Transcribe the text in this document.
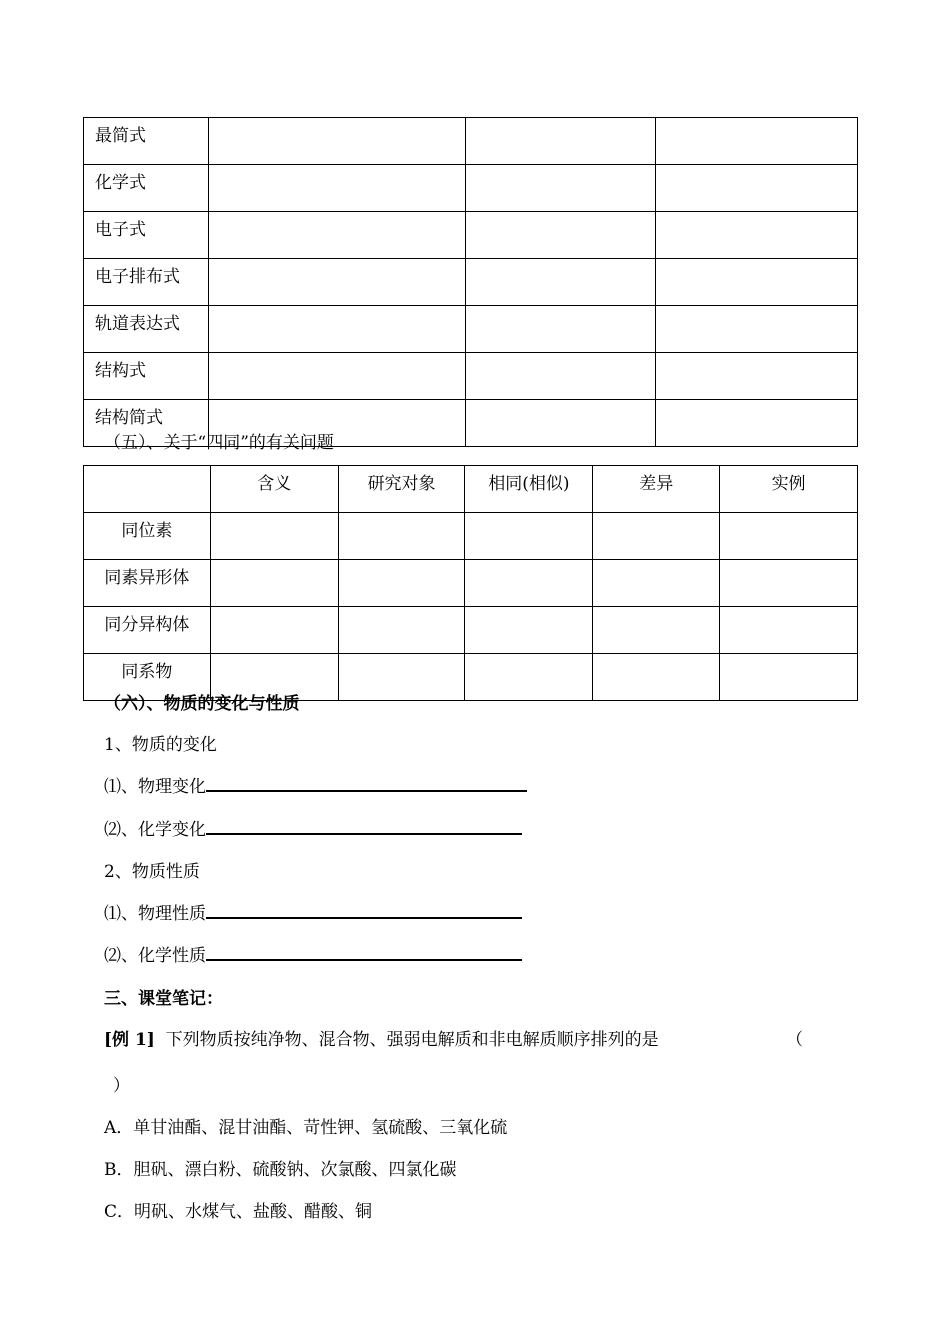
最简式			
化学式			
电子式			
电子排布式			
轨道表达式			
结构式			
结构简式			
（五）、关于“四同”的有关问题
	含义	研究对象	相同(相似)	差异	实例
同位素					
同素异形体					
同分异构体					
同系物					
（六）、物质的变化与性质
1、物质的变化
⑴、物理变化
⑵、化学变化
2、物质性质
⑴、物理性质
⑵、化学性质
三、课堂笔记：
[例 1] 下列物质按纯净物、混合物、强弱电解质和非电解质顺序排列的是	（
）
A．单甘油酯、混甘油酯、苛性钾、氢硫酸、三氧化硫
B．胆矾、漂白粉、硫酸钠、次氯酸、四氯化碳
C．明矾、水煤气、盐酸、醋酸、铜
